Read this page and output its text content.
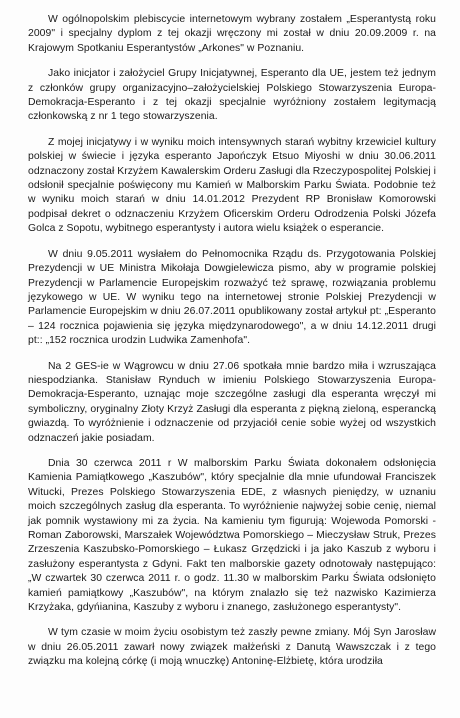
W ogólnopolskim plebiscycie internetowym wybrany zostałem „Esperantystą roku 2009" i specjalny dyplom z tej okazji wręczony mi został w dniu 20.09.2009 r. na Krajowym Spotkaniu Esperantystów „Arkones" w Poznaniu.

Jako inicjator i założyciel Grupy Inicjatywnej, Esperanto dla UE, jestem też jednym z członków grupy organizacyjno–założycielskiej Polskiego Stowarzyszenia Europa-Demokracja-Esperanto i z tej okazji specjalnie wyróżniony zostałem legitymacją członkowską z nr 1 tego stowarzyszenia.

Z mojej inicjatywy i w wyniku moich intensywnych starań wybitny krzewiciel kultury polskiej w świecie i języka esperanto Japończyk Etsuo Miyoshi w dniu 30.06.2011 odznaczony został Krzyżem Kawalerskim Orderu Zasługi dla Rzeczypospolitej Polskiej i odsłonił specjalnie poświęcony mu Kamień w Malborskim Parku Świata. Podobnie też w wyniku moich starań w dniu 14.01.2012 Prezydent RP Bronisław Komorowski podpisał dekret o odznaczeniu Krzyżem Oficerskim Orderu Odrodzenia Polski Józefa Golca z Sopotu, wybitnego esperantysty i autora wielu książek o esperancie.

W dniu 9.05.2011 wysłałem do Pełnomocnika Rządu ds. Przygotowania Polskiej Prezydencji w UE Ministra Mikołaja Dowgielewicza pismo, aby w programie polskiej Prezydencji w Parlamencie Europejskim rozważyć też sprawę, rozwiązania problemu językowego w UE. W wyniku tego na internetowej stronie Polskiej Prezydencji w Parlamencie Europejskim w dniu 26.07.2011 opublikowany został artykuł pt: „Esperanto – 124 rocznica pojawienia się języka międzynarodowego", a w dniu 14.12.2011 drugi pt:: „152 rocznica urodzin Ludwika Zamenhofa".

Na 2 GES-ie w Wągrowcu w dniu 27.06 spotkała mnie bardzo miła i wzruszająca niespodzianka. Stanisław Rynduch w imieniu Polskiego Stowarzyszenia Europa-Demokracja-Esperanto, uznając moje szczególne zasługi dla esperanta wręczył mi symboliczny, oryginalny Złoty Krzyż Zasługi dla esperanta z piękną zieloną, esperancką gwiazdą. To wyróżnienie i odznaczenie od przyjaciół cenie sobie wyżej od wszystkich odznaczeń jakie posiadam.

Dnia 30 czerwca 2011 r W malborskim Parku Świata dokonałem odsłonięcia Kamienia Pamiątkowego „Kaszubów", który specjalnie dla mnie ufundował Franciszek Witucki, Prezes Polskiego Stowarzyszenia EDE, z własnych pieniędzy, w uznaniu moich szczególnych zasług dla esperanta. To wyróżnienie najwyżej sobie cenię, niemal jak pomnik wystawiony mi za życia. Na kamieniu tym figurują: Wojewoda Pomorski - Roman Zaborowski, Marszałek Województwa Pomorskiego – Mieczysław Struk, Prezes Zrzeszenia Kaszubsko-Pomorskiego – Łukasz Grzędzicki i ja jako Kaszub z wyboru i zasłużony esperantysta z Gdyni. Fakt ten malborskie gazety odnotowały następująco: „W czwartek 30 czerwca 2011 r. o godz. 11.30 w malborskim Parku Świata odsłonięto kamień pamiątkowy „Kaszubów", na którym znalazło się też nazwisko Kazimierza Krzyżaka, gdyńianina, Kaszuby z wyboru i znanego, zasłużonego esperantysty".

W tym czasie w moim życiu osobistym też zaszły pewne zmiany. Mój Syn Jarosław w dniu 26.05.2011 zawarł nowy związek małżeński z Danutą Wawszczak i z tego związku ma kolejną córkę (i moją wnuczkę) Antoninę-Elżbietę, która urodziła
